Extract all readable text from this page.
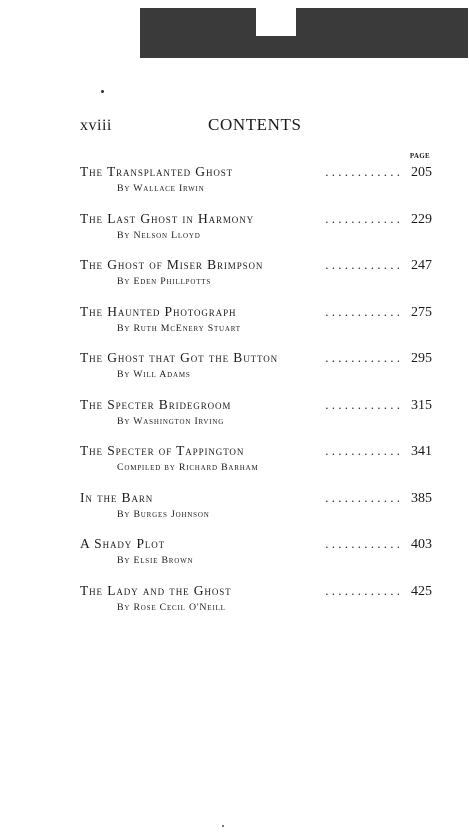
xviii	CONTENTS
PAGE
The Transplanted Ghost	. . . . . . . . . . . . 205
By Wallace Irwin
The Last Ghost in Harmony	. . . . . . . . . . . . 229
By Nelson Lloyd
The Ghost of Miser Brimpson	. . . . . . . . . . . . 247
By Eden Phillpotts
The Haunted Photograph	. . . . . . . . . . . . 275
By Ruth McEnery Stuart
The Ghost that Got the Button	. . . . . . . . . . . . 295
By Will Adams
The Specter Bridegroom	. . . . . . . . . . . . 315
By Washington Irving
The Specter of Tappington	. . . . . . . . . . . . 341
Compiled by Richard Barham
In the Barn	. . . . . . . . . . . . 385
By Burges Johnson
A Shady Plot	. . . . . . . . . . . . 403
By Elsie Brown
The Lady and the Ghost	. . . . . . . . . . . . 425
By Rose Cecil O'Neill
